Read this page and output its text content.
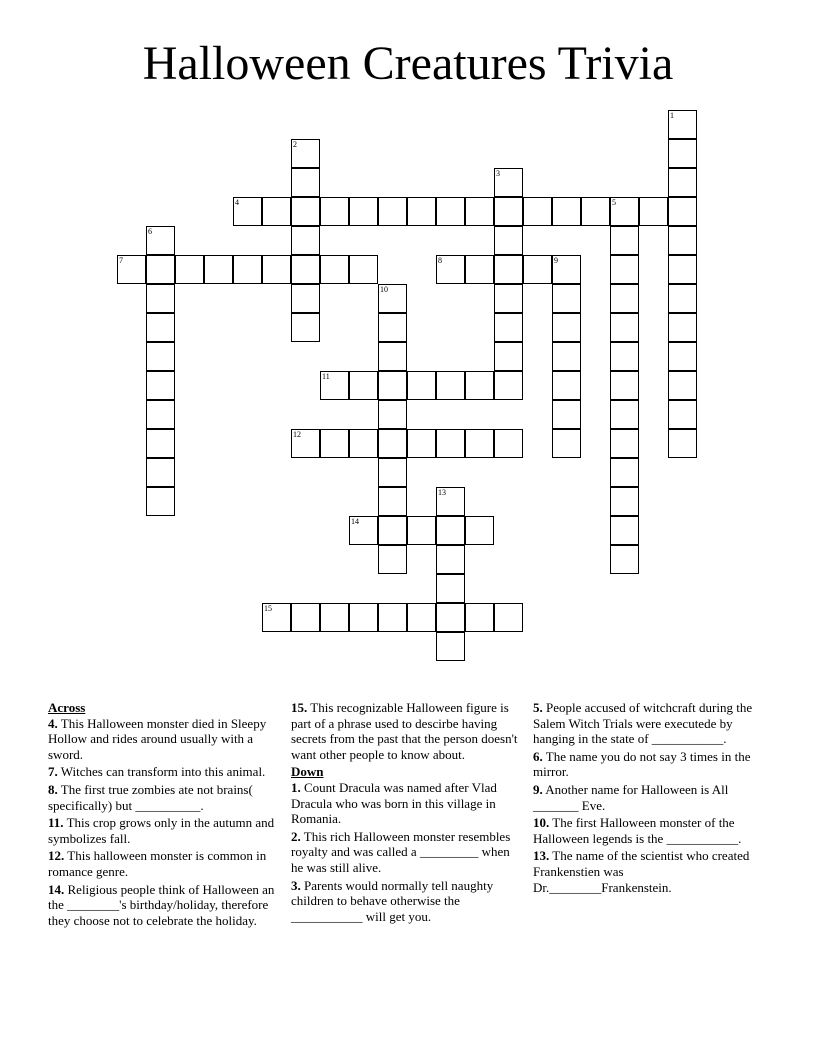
Halloween Creatures Trivia
1
2
3
4	5
6
7	8	9
10
11
12
13
14
15
Across
4. This Halloween monster died in Sleepy Hollow and rides around usually with a sword.
7. Witches can transform into this animal.
8. The first true zombies ate not brains( specifically) but __________.
11. This crop grows only in the autumn and symbolizes fall.
12. This halloween monster is common in romance genre.
14. Religious people think of Halloween an the ________'s birthday/holiday, therefore they choose not to celebrate the holiday.
15. This recognizable Halloween figure is part of a phrase used to descirbe having secrets from the past that the person doesn't want other people to know about.
Down
1. Count Dracula was named after Vlad Dracula who was born in this village in Romania.
2. This rich Halloween monster resembles royalty and was called a _________ when he was still alive.
3. Parents would normally tell naughty children to behave otherwise the ___________ will get you.
5. People accused of witchcraft during the Salem Witch Trials were executede by hanging in the state of ___________.
6. The name you do not say 3 times in the mirror.
9. Another name for Halloween is All _______ Eve.
10. The first Halloween monster of the Halloween legends is the ___________.
13. The name of the scientist who created Frankenstien was Dr.________Frankenstein.
